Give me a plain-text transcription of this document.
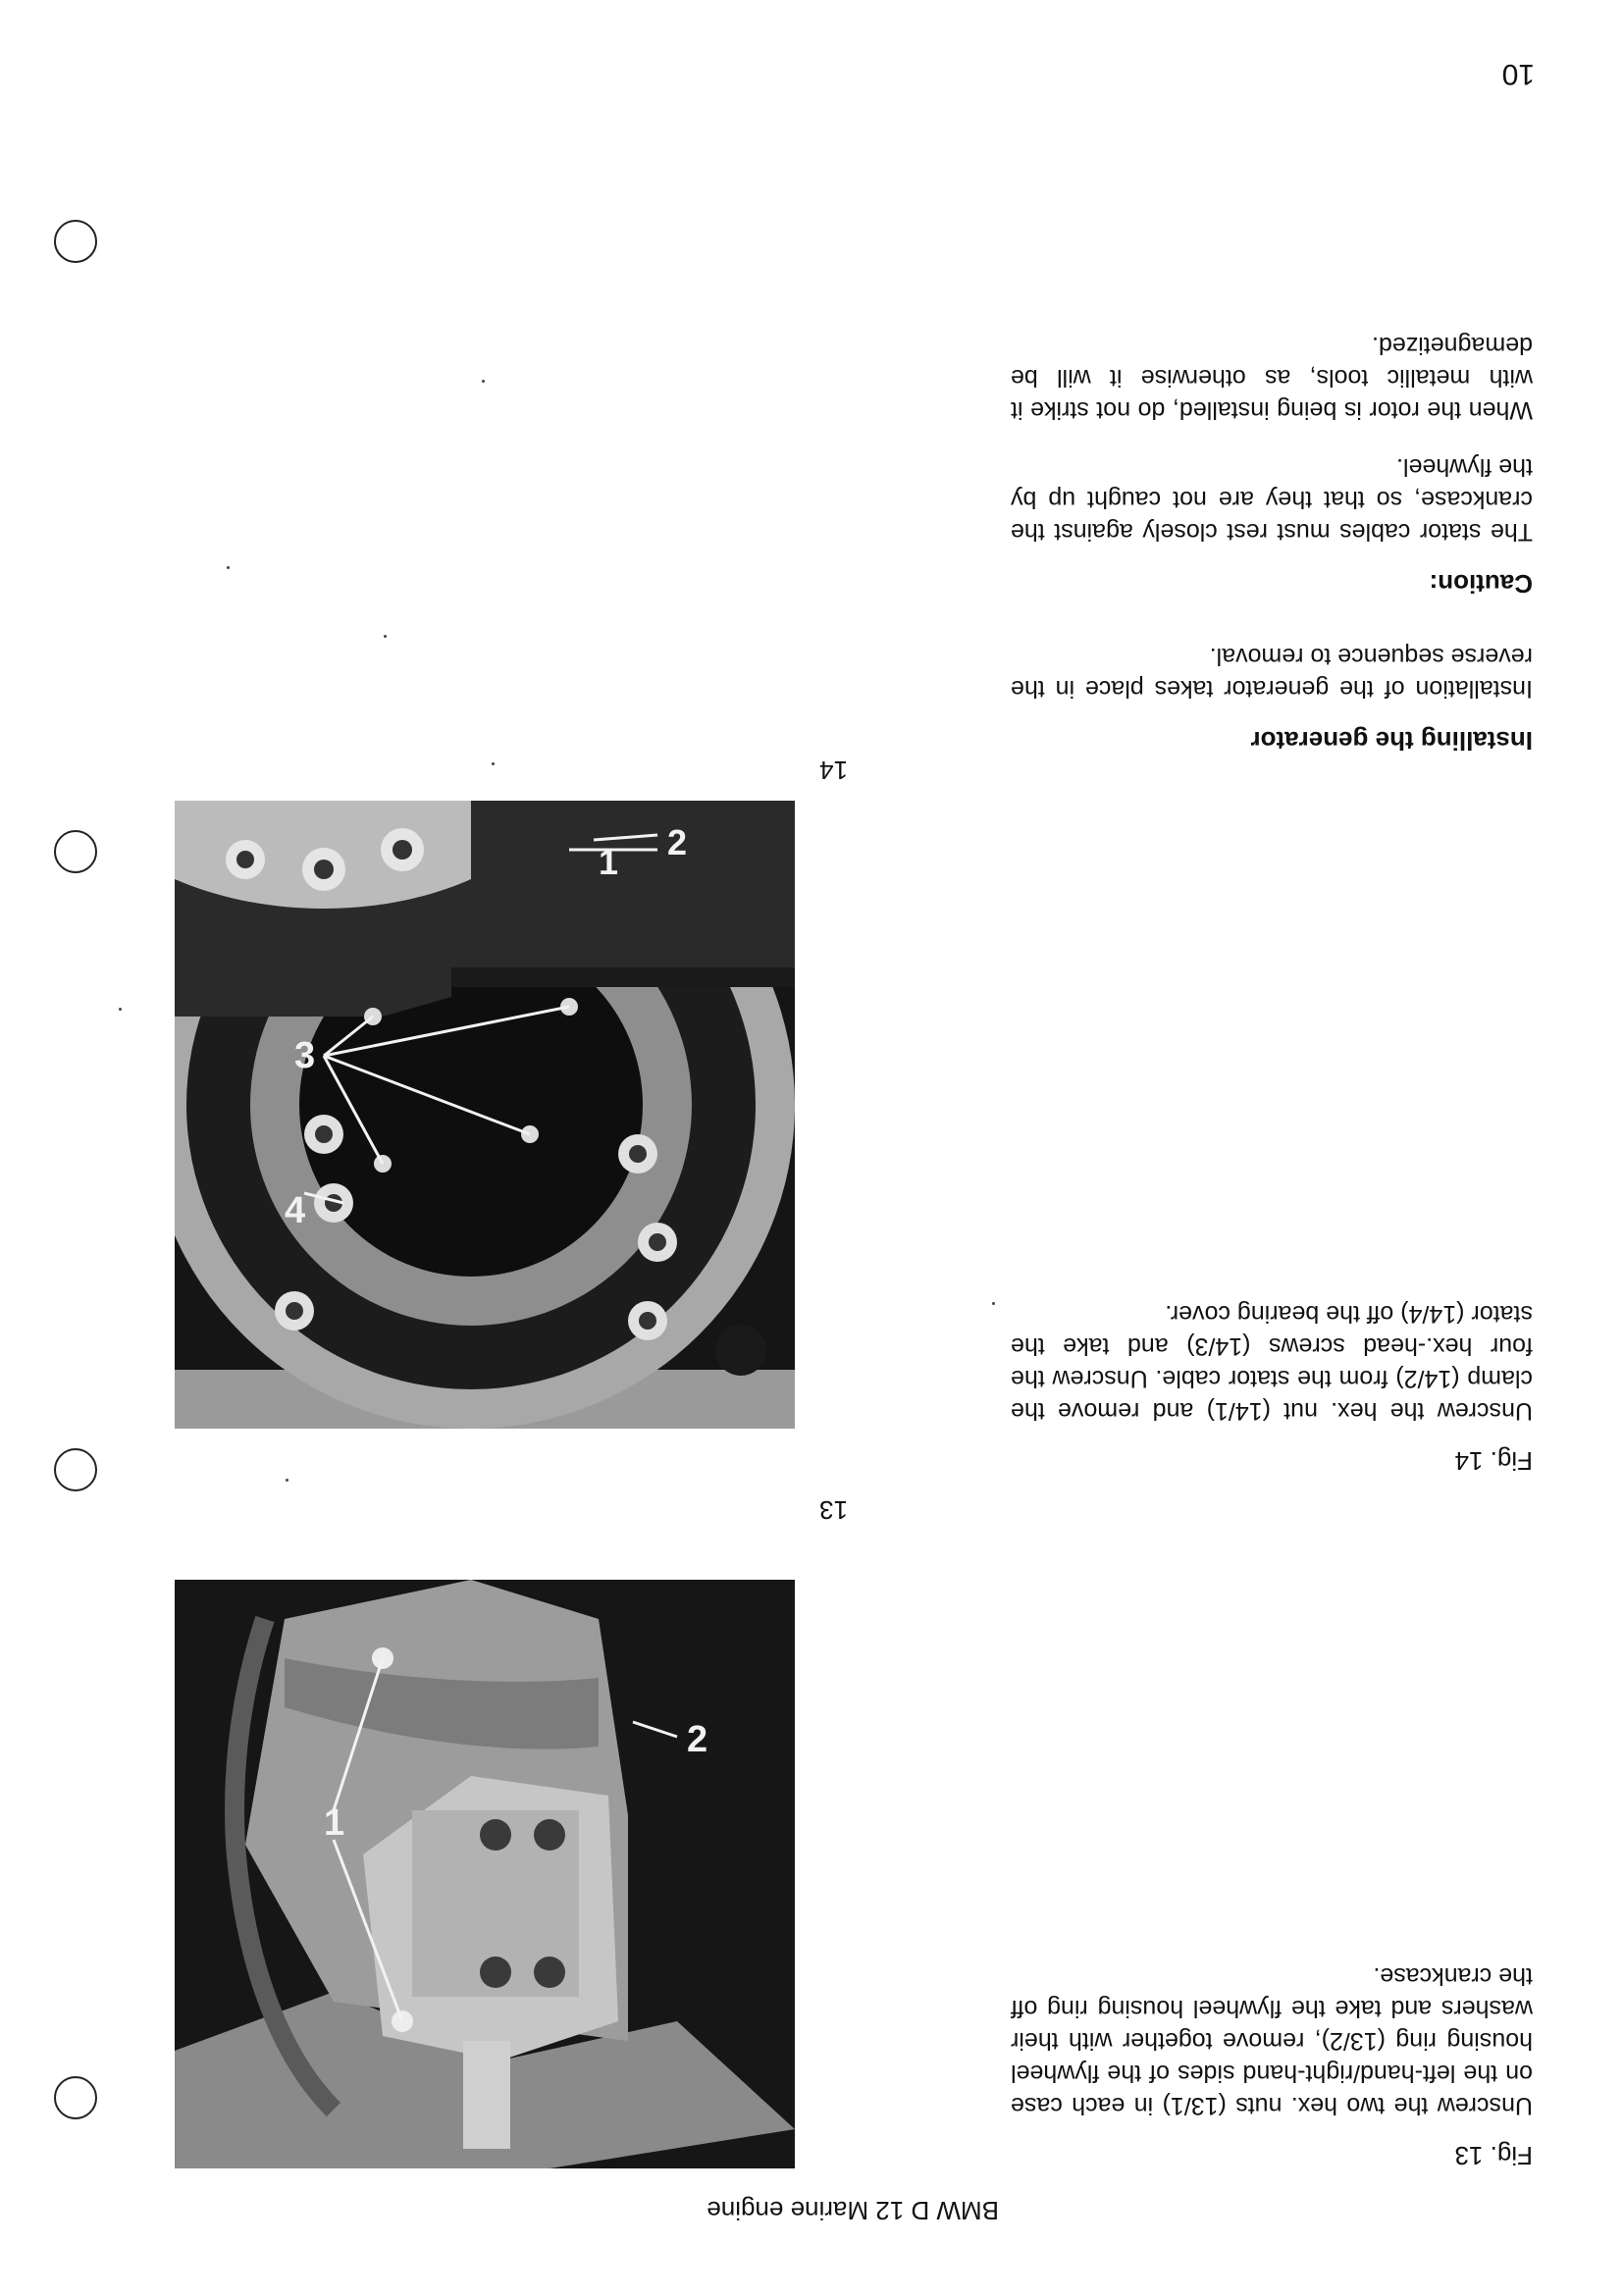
BMW D 12 Marine engine
10
Fig. 13
Unscrew the two hex. nuts (13/1) in each case on the left-hand/right-hand sides of the flywheel housing ring (13/2), remove together with their washers and take the flywheel housing ring off the crankcase.
1
2
13
Fig. 14
Unscrew the hex. nut (14/1) and remove the clamp (14/2) from the stator cable. Unscrew the four hex.-head screws (14/3) and take the stator (14/4) off the bearing cover.
1 2
3
4
14
Installing the generator
Installation of the generator takes place in the reverse sequence to removal.
Caution:
The stator cables must rest closely against the crankcase, so that they are not caught up by the flywheel.
When the rotor is being installed, do not strike it with metallic tools, as otherwise it will be demagnetized.
